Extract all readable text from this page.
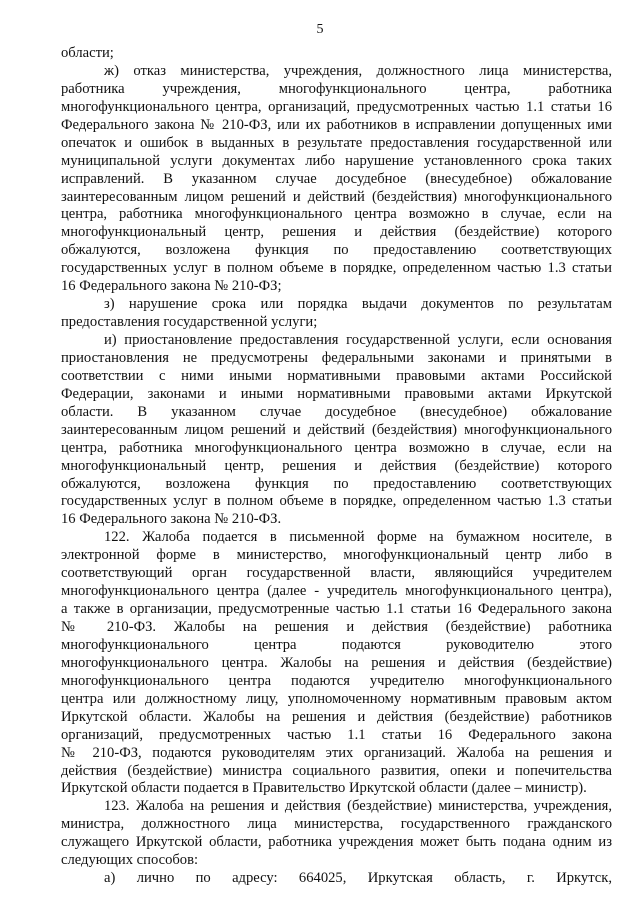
5
области;
ж) отказ министерства, учреждения, должностного лица министерства,
работника учреждения, многофункционального центра, работника
многофункционального центра, организаций, предусмотренных частью 1.1 статьи 16
Федерального закона № 210-ФЗ, или их работников в исправлении допущенных ими
опечаток и ошибок в выданных в результате предоставления государственной или
муниципальной услуги документах либо нарушение установленного срока таких
исправлений. В указанном случае досудебное (внесудебное) обжалование
заинтересованным лицом решений и действий (бездействия) многофункционального
центра, работника многофункционального центра возможно в случае, если на
многофункциональный центр, решения и действия (бездействие) которого
обжалуются, возложена функция по предоставлению соответствующих
государственных услуг в полном объеме в порядке, определенном частью 1.3 статьи
16 Федерального закона № 210-ФЗ;
з) нарушение срока или порядка выдачи документов по результатам
предоставления государственной услуги;
и) приостановление предоставления государственной услуги, если основания
приостановления не предусмотрены федеральными законами и принятыми в
соответствии с ними иными нормативными правовыми актами Российской
Федерации, законами и иными нормативными правовыми актами Иркутской
области. В указанном случае досудебное (внесудебное) обжалование
заинтересованным лицом решений и действий (бездействия) многофункционального
центра, работника многофункционального центра возможно в случае, если на
многофункциональный центр, решения и действия (бездействие) которого
обжалуются, возложена функция по предоставлению соответствующих
государственных услуг в полном объеме в порядке, определенном частью 1.3 статьи
16 Федерального закона № 210-ФЗ.
122. Жалоба подается в письменной форме на бумажном носителе, в
электронной форме в министерство, многофункциональный центр либо в
соответствующий орган государственной власти, являющийся учредителем
многофункционального центра (далее - учредитель многофункционального центра),
а также в организации, предусмотренные частью 1.1 статьи 16 Федерального закона
№ 210-ФЗ. Жалобы на решения и действия (бездействие) работника
многофункционального центра подаются руководителю этого
многофункционального центра. Жалобы на решения и действия (бездействие)
многофункционального центра подаются учредителю многофункционального
центра или должностному лицу, уполномоченному нормативным правовым актом
Иркутской области. Жалобы на решения и действия (бездействие) работников
организаций, предусмотренных частью 1.1 статьи 16 Федерального закона
№ 210-ФЗ, подаются руководителям этих организаций. Жалоба на решения и
действия (бездействие) министра социального развития, опеки и попечительства
Иркутской области подается в Правительство Иркутской области (далее – министр).
123. Жалоба на решения и действия (бездействие) министерства, учреждения,
министра, должностного лица министерства, государственного гражданского
служащего Иркутской области, работника учреждения может быть подана одним из
следующих способов:
а) лично по адресу: 664025, Иркутская область, г. Иркутск,
